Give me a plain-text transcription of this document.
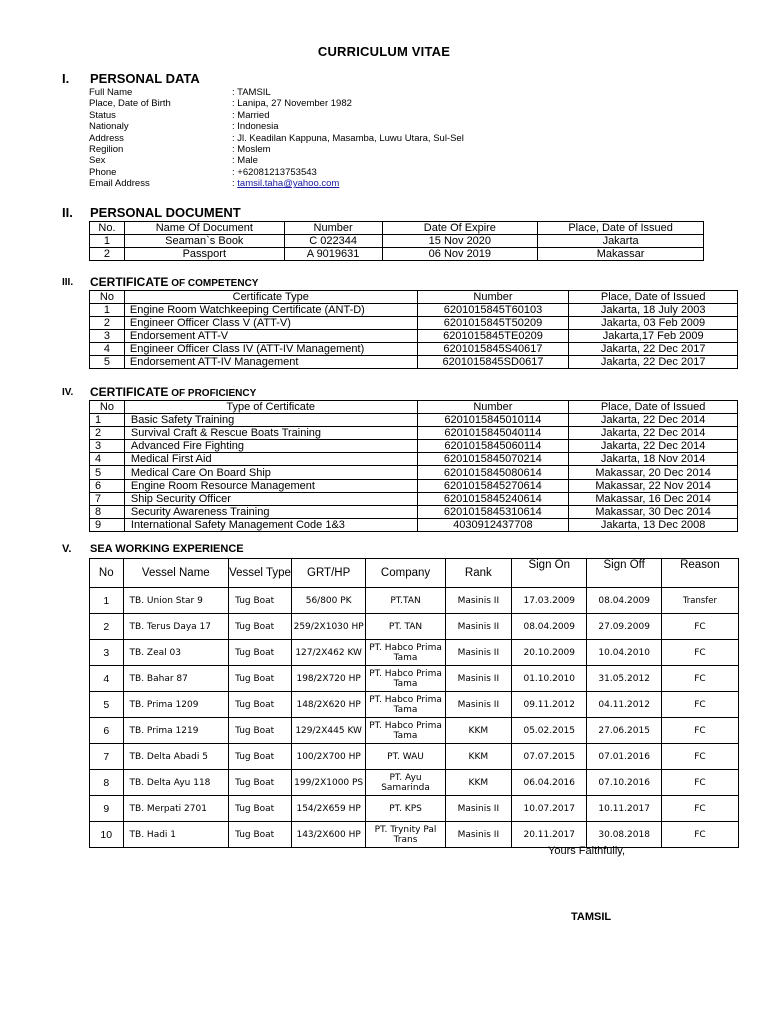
CURRICULUM VITAE
I. PERSONAL DATA
Full Name	: TAMSIL
Place, Date of Birth	: Lanipa, 27 November 1982
Status	: Married
Nationaly	: Indonesia
Address	: Jl. Keadilan Kappuna, Masamba, Luwu Utara, Sul-Sel
Regilion	: Moslem
Sex	: Male
Phone	: +62081213753543
Email Address	: tamsil.taha@yahoo.com
II. PERSONAL DOCUMENT
No.	Name Of Document	Number	Date Of Expire	Place, Date of Issued
1	Seaman`s Book	C 022344	15 Nov 2020	Jakarta
2	Passport	A 9019631	06 Nov 2019	Makassar
III. CERTIFICATE OF COMPETENCY
No	Certificate Type	Number	Place, Date of Issued
1	Engine Room Watchkeeping Certificate (ANT-D)	6201015845T60103	Jakarta, 18 July 2003
2	Engineer Officer Class V (ATT-V)	6201015845T50209	Jakarta, 03 Feb 2009
3	Endorsement ATT-V	6201015845TE0209	Jakarta,17 Feb 2009
4	Engineer Officer Class IV (ATT-IV Management)	6201015845S40617	Jakarta, 22 Dec 2017
5	Endorsement ATT-IV Management	6201015845SD0617	Jakarta, 22 Dec 2017
IV. CERTIFICATE OF PROFICIENCY
No	Type of Certificate	Number	Place, Date of Issued
1	Basic Safety Training	6201015845010114	Jakarta, 22 Dec 2014
2	Survival Craft & Rescue Boats Training	6201015845040114	Jakarta, 22 Dec 2014
3	Advanced Fire Fighting	6201015845060114	Jakarta, 22 Dec 2014
4	Medical First Aid	6201015845070214	Jakarta, 18 Nov 2014
5	Medical Care On Board Ship	6201015845080614	Makassar, 20 Dec 2014
6	Engine Room Resource Management	6201015845270614	Makassar, 22 Nov 2014
7	Ship Security Officer	6201015845240614	Makassar, 16 Dec 2014
8	Security Awareness Training	6201015845310614	Makassar, 30 Dec 2014
9	International Safety Management Code 1&3	4030912437708	Jakarta, 13 Dec 2008
V. SEA WORKING EXPERIENCE
No	Vessel Name	Vessel Type	GRT/HP	Company	Rank	Sign On	Sign Off	Reason
1	TB. Union Star 9	Tug Boat	56/800 PK	PT.TAN	Masinis II	17.03.2009	08.04.2009	Transfer
2	TB. Terus Daya 17	Tug Boat	259/2X1030 HP	PT. TAN	Masinis II	08.04.2009	27.09.2009	FC
3	TB. Zeal 03	Tug Boat	127/2X462 KW	PT. Habco Prima Tama	Masinis II	20.10.2009	10.04.2010	FC
4	TB. Bahar 87	Tug Boat	198/2X720 HP	PT. Habco Prima Tama	Masinis II	01.10.2010	31.05.2012	FC
5	TB. Prima 1209	Tug Boat	148/2X620 HP	PT. Habco Prima Tama	Masinis II	09.11.2012	04.11.2012	FC
6	TB. Prima 1219	Tug Boat	129/2X445 KW	PT. Habco Prima Tama	KKM	05.02.2015	27.06.2015	FC
7	TB. Delta Abadi 5	Tug Boat	100/2X700 HP	PT. WAU	KKM	07.07.2015	07.01.2016	FC
8	TB. Delta Ayu 118	Tug Boat	199/2X1000 PS	PT. Ayu Samarinda	KKM	06.04.2016	07.10.2016	FC
9	TB. Merpati 2701	Tug Boat	154/2X659 HP	PT. KPS	Masinis II	10.07.2017	10.11.2017	FC
10	TB. Hadi 1	Tug Boat	143/2X600 HP	PT. Trynity Pal Trans	Masinis II	20.11.2017	30.08.2018	FC
Yours Faithfully,
TAMSIL
